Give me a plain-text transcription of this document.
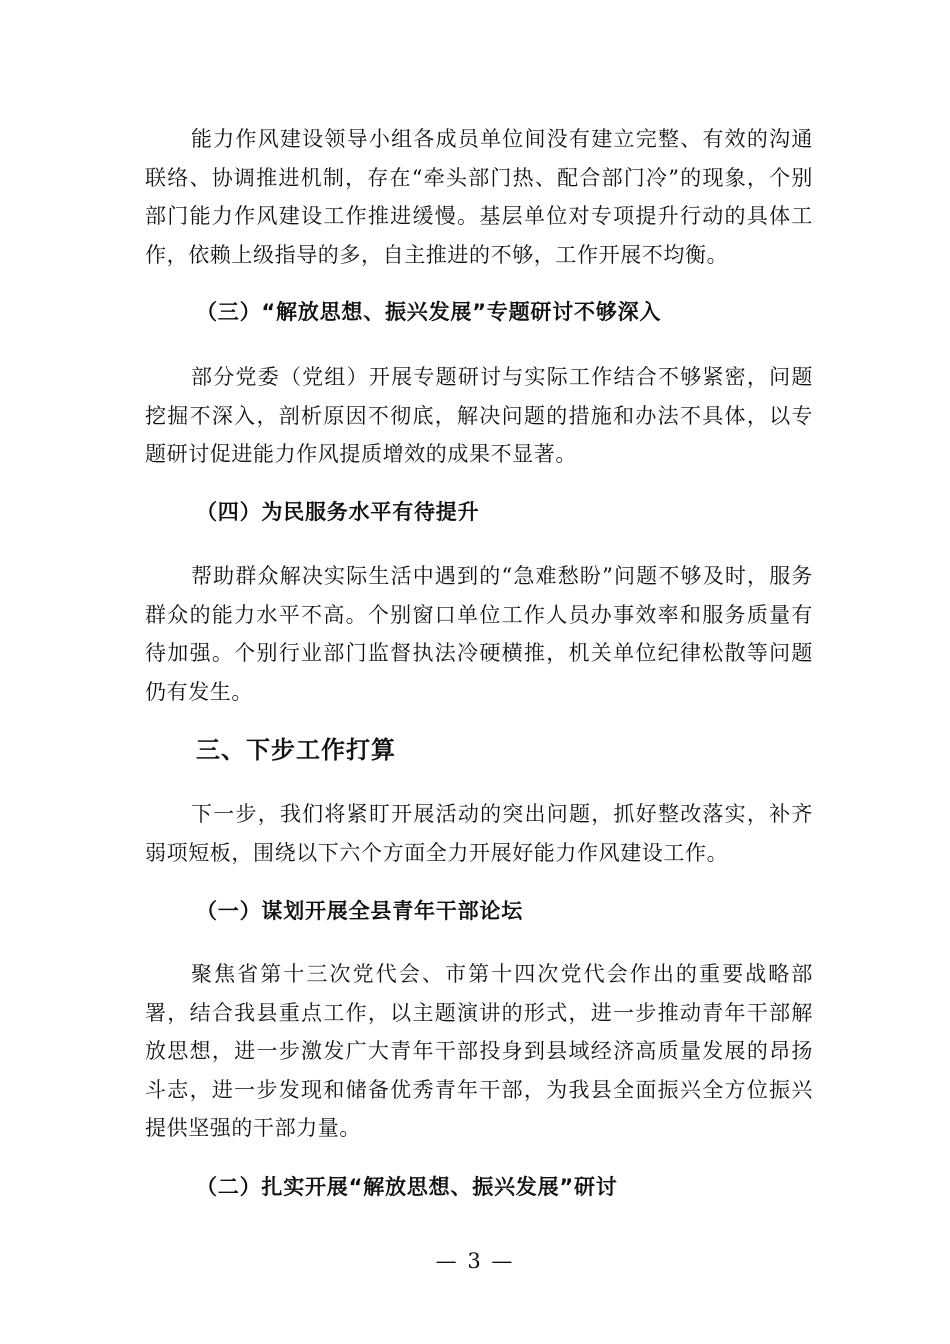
能力作风建设领导小组各成员单位间没有建立完整、有效的沟通联络、协调推进机制，存在“牵头部门热、配合部门冷”的现象，个别部门能力作风建设工作推进缓慢。基层单位对专项提升行动的具体工作，依赖上级指导的多，自主推进的不够，工作开展不均衡。

（三）“解放思想、振兴发展”专题研讨不够深入

部分党委（党组）开展专题研讨与实际工作结合不够紧密，问题挖掘不深入，剖析原因不彻底，解决问题的措施和办法不具体，以专题研讨促进能力作风提质增效的成果不显著。

（四）为民服务水平有待提升

帮助群众解决实际生活中遇到的“急难愁盼”问题不够及时，服务群众的能力水平不高。个别窗口单位工作人员办事效率和服务质量有待加强。个别行业部门监督执法冷硬横推，机关单位纪律松散等问题仍有发生。

三、下步工作打算

下一步，我们将紧盯开展活动的突出问题，抓好整改落实，补齐弱项短板，围绕以下六个方面全力开展好能力作风建设工作。

（一）谋划开展全县青年干部论坛

聚焦省第十三次党代会、市第十四次党代会作出的重要战略部署，结合我县重点工作，以主题演讲的形式，进一步推动青年干部解放思想，进一步激发广大青年干部投身到县域经济高质量发展的昂扬斗志，进一步发现和储备优秀青年干部，为我县全面振兴全方位振兴提供坚强的干部力量。

（二）扎实开展“解放思想、振兴发展”研讨
— 3 —
